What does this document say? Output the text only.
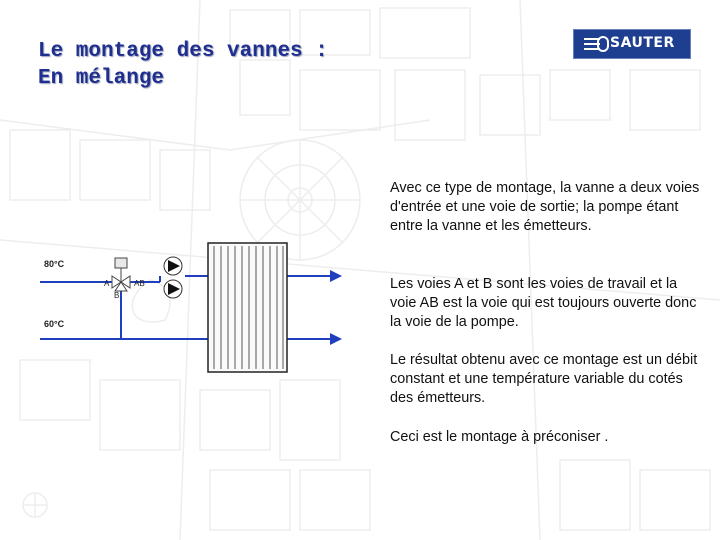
Le montage des vannes :
En mélange
SAUTER
80°C
60°C
A	AB
B

Avec ce type de montage, la vanne a deux voies d'entrée et une voie de sortie; la pompe étant entre la vanne et les émetteurs.

Les voies A et B sont les voies de travail et la voie AB est la voie qui est toujours ouverte donc la voie de la pompe.

Le résultat obtenu avec ce montage est un débit constant et une température variable du cotés des émetteurs.

Ceci est le montage à préconiser .
